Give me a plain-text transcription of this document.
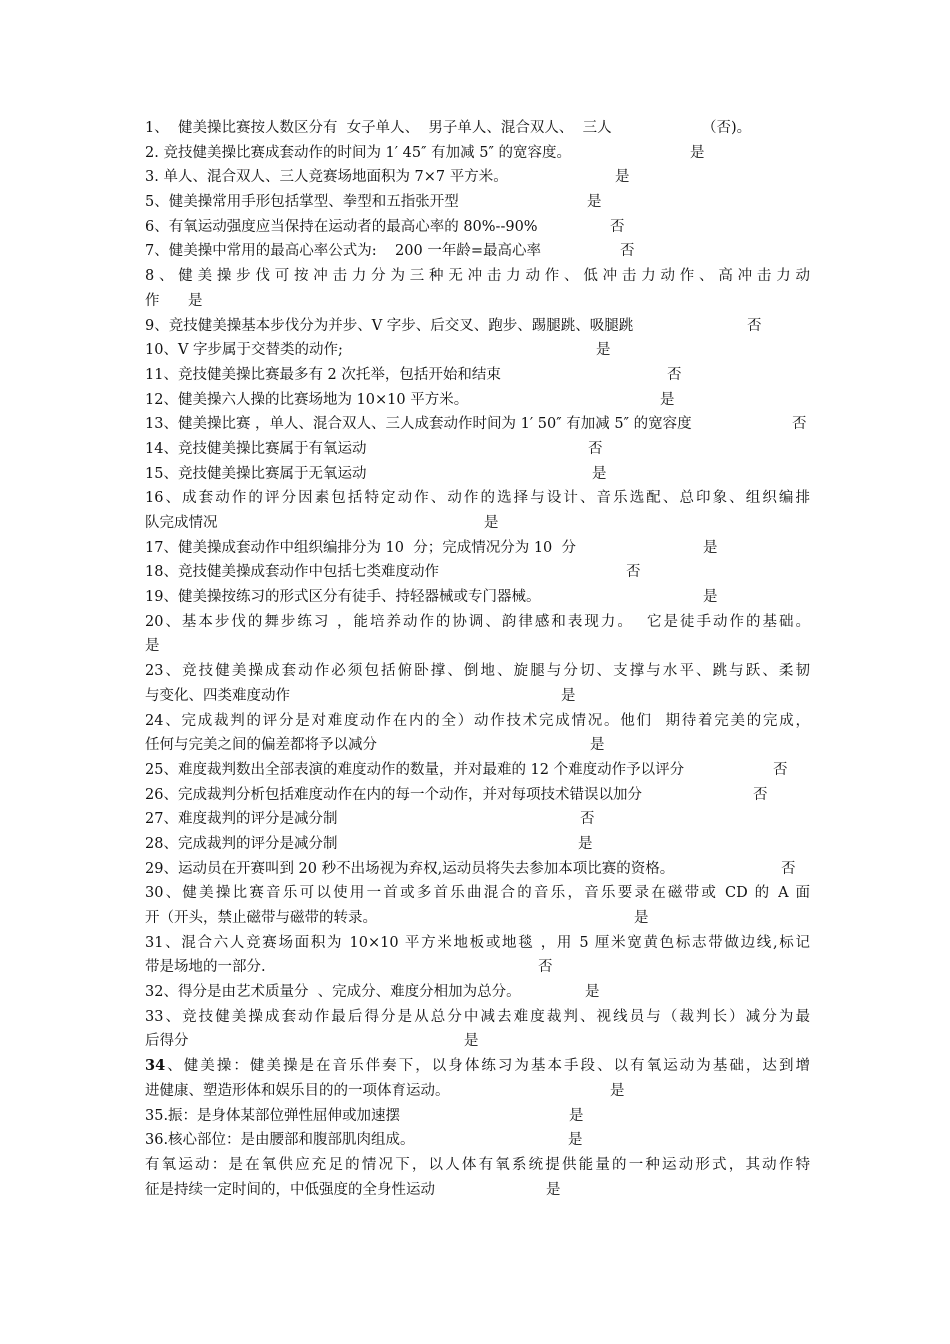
1、  健美操比赛按人数区分有  女子单人、  男子单人、混合双人、  三人	（否)。
2. 竞技健美操比赛成套动作的时间为 1′ 45″ 有加减 5″ 的宽容度。	是
3. 单人、混合双人、三人竞赛场地面积为 7×7 平方米。	是
5、健美操常用手形包括掌型、拳型和五指张开型	是
6、有氧运动强度应当保持在运动者的最高心率的 80%--90%	否
7、健美操中常用的最高心率公式为:    200 一年龄=最高心率	否
8、健美操步伐可按冲击力分为三种无冲击力动作、低冲击力动作、高冲击力动
作 是
9、竞技健美操基本步伐分为并步、V 字步、后交叉、跑步、踢腿跳、吸腿跳	否
10、V 字步属于交替类的动作;	是
11、竞技健美操比赛最多有 2 次托举，包括开始和结束	否
12、健美操六人操的比赛场地为 10×10 平方米。	是
13、健美操比赛 ，单人、混合双人、三人成套动作时间为 1′ 50″ 有加减 5″ 的宽容度	否
14、竞技健美操比赛属于有氧运动	否
15、竞技健美操比赛属于无氧运动	是
16、成套动作的评分因素包括特定动作、动作的选择与设计、音乐选配、总印象、组织编排
队完成情况	是
17、健美操成套动作中组织编排分为 10  分；完成情况分为 10  分	是
18、竞技健美操成套动作中包括七类难度动作	否
19、健美操按练习的形式区分有徒手、持轻器械或专门器械。	是
20、基本步伐的舞步练习 ，能培养动作的协调、韵律感和表现力。  它是徒手动作的基础。
是
23、竞技健美操成套动作必须包括俯卧撑、倒地、旋腿与分切、支撑与水平、跳与跃、柔韧
与变化、四类难度动作	是
24、完成裁判的评分是对难度动作在内的全）动作技术完成情况。他们  期待着完美的完成，
任何与完美之间的偏差都将予以减分	是
25、难度裁判数出全部表演的难度动作的数量，并对最难的 12 个难度动作予以评分	否
26、完成裁判分析包括难度动作在内的每一个动作，并对每项技术错误以加分	否
27、难度裁判的评分是减分制	否
28、完成裁判的评分是减分制	是
29、运动员在开赛叫到 20 秒不出场视为弃权,运动员将失去参加本项比赛的资格。	否
30、健美操比赛音乐可以使用一首或多首乐曲混合的音乐，音乐要录在磁带或 CD 的 A 面
开（开头，禁止磁带与磁带的转录。	是
31、混合六人竞赛场面积为 10×10 平方米地板或地毯 ，用 5 厘米宽黄色标志带做边线,标记
带是场地的一部分.	否
32、得分是由艺术质量分  、完成分、难度分相加为总分。	是
33、竞技健美操成套动作最后得分是从总分中减去难度裁判、视线员与（裁判长）减分为最
后得分	是
34、健美操：健美操是在音乐伴奏下，以身体练习为基本手段、以有氧运动为基础，达到增
进健康、塑造形体和娱乐目的的一项体育运动。	是
35.振：是身体某部位弹性屈伸或加速摆	是
36.核心部位：是由腰部和腹部肌肉组成。	是
有氧运动：是在氧供应充足的情况下，以人体有氧系统提供能量的一种运动形式，其动作特
征是持续一定时间的，中低强度的全身性运动	是
